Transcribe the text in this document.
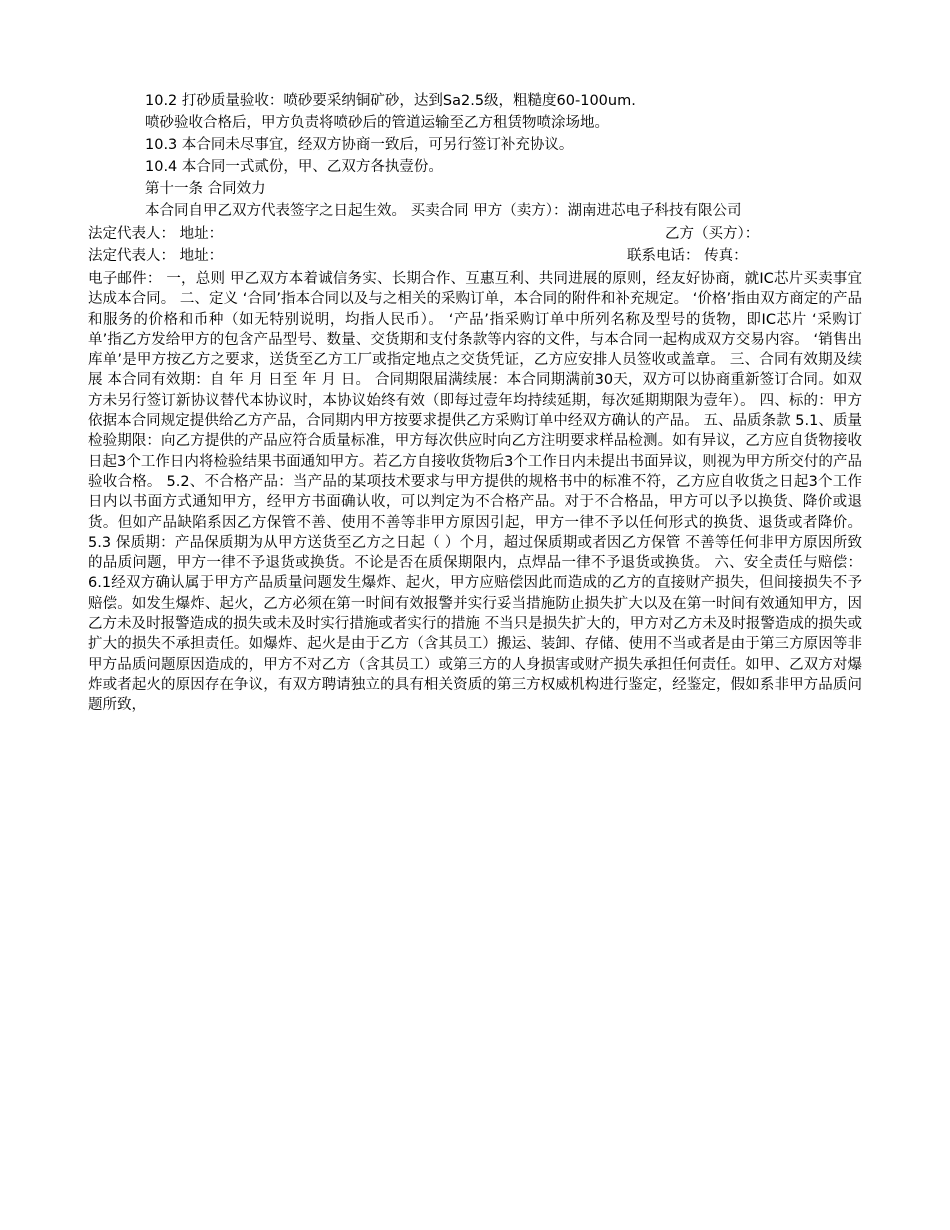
10.2 打砂质量验收：喷砂要采纳铜矿砂，达到Sa2.5级，粗糙度60-100um.
喷砂验收合格后，甲方负责将喷砂后的管道运输至乙方租赁物喷涂场地。
10.3 本合同未尽事宜，经双方协商一致后，可另行签订补充协议。
10.4 本合同一式贰份，甲、乙双方各执壹份。
第十一条 合同效力
本合同自甲乙双方代表签字之日起生效。 买卖合同 甲方（卖方）：湖南进芯电子科技有限公司
法定代表人： 地址：	乙方（买方）：
法定代表人： 地址：	联系电话： 传真：
电子邮件： 一，总则 甲乙双方本着诚信务实、长期合作、互惠互利、共同进展的原则，经友好协商，就IC芯片买卖事宜达成本合同。 二、定义 ‘合同’指本合同以及与之相关的采购订单，本合同的附件和补充规定。 ‘价格’指由双方商定的产品和服务的价格和币种（如无特别说明，均指人民币）。 ‘产品’指采购订单中所列名称及型号的货物，即IC芯片 ‘采购订单’指乙方发给甲方的包含产品型号、数量、交货期和支付条款等内容的文件，与本合同一起构成双方交易内容。 ‘销售出库单’是甲方按乙方之要求，送货至乙方工厂或指定地点之交货凭证，乙方应安排人员签收或盖章。 三、合同有效期及续展 本合同有效期：自 年 月 日至 年 月 日。 合同期限届满续展：本合同期满前30天，双方可以协商重新签订合同。如双方未另行签订新协议替代本协议时，本协议始终有效（即每过壹年均持续延期，每次延期期限为壹年）。 四、标的：甲方依据本合同规定提供给乙方产品，合同期内甲方按要求提供乙方采购订单中经双方确认的产品。 五、品质条款 5.1、质量检验期限：向乙方提供的产品应符合质量标准，甲方每次供应时向乙方注明要求样品检测。如有异议，乙方应自货物接收日起3个工作日内将检验结果书面通知甲方。若乙方自接收货物后3个工作日内未提出书面异议，则视为甲方所交付的产品验收合格。 5.2、不合格产品：当产品的某项技术要求与甲方提供的规格书中的标准不符，乙方应自收货之日起3个工作日内以书面方式通知甲方，经甲方书面确认收，可以判定为不合格产品。对于不合格品，甲方可以予以换货、降价或退货。但如产品缺陷系因乙方保管不善、使用不善等非甲方原因引起，甲方一律不予以任何形式的换货、退货或者降价。 5.3 保质期：产品保质期为从甲方送货至乙方之日起（ ）个月，超过保质期或者因乙方保管 不善等任何非甲方原因所致的品质问题，甲方一律不予退货或换货。不论是否在质保期限内，点焊品一律不予退货或换货。 六、安全责任与赔偿： 6.1经双方确认属于甲方产品质量问题发生爆炸、起火，甲方应赔偿因此而造成的乙方的直接财产损失，但间接损失不予赔偿。如发生爆炸、起火，乙方必须在第一时间有效报警并实行妥当措施防止损失扩大以及在第一时间有效通知甲方，因乙方未及时报警造成的损失或未及时实行措施或者实行的措施 不当只是损失扩大的，甲方对乙方未及时报警造成的损失或扩大的损失不承担责任。如爆炸、起火是由于乙方（含其员工）搬运、装卸、存储、使用不当或者是由于第三方原因等非甲方品质问题原因造成的，甲方不对乙方（含其员工）或第三方的人身损害或财产损失承担任何责任。如甲、乙双方对爆炸或者起火的原因存在争议，有双方聘请独立的具有相关资质的第三方权威机构进行鉴定，经鉴定，假如系非甲方品质问题所致，
